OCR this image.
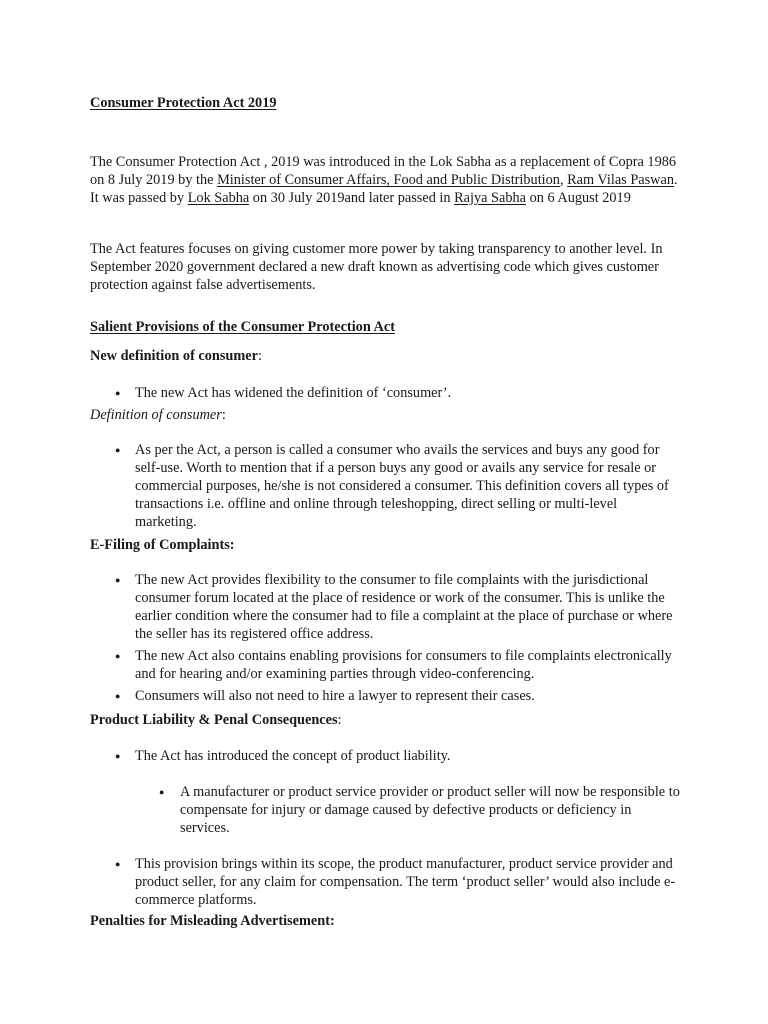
Consumer Protection Act 2019

The Consumer Protection Act , 2019 was introduced in the Lok Sabha as a replacement of Copra 1986 on 8 July 2019 by the Minister of Consumer Affairs, Food and Public Distribution, Ram Vilas Paswan. It was passed by Lok Sabha on 30 July 2019and later passed in Rajya Sabha on 6 August 2019

The Act features focuses on giving customer more power by taking transparency to another level. In September 2020 government declared a new draft known as advertising code which gives customer protection against false advertisements.

Salient Provisions of the Consumer Protection Act

New definition of consumer:

● The new Act has widened the definition of ‘consumer’.

Definition of consumer:

● As per the Act, a person is called a consumer who avails the services and buys any good for self-use. Worth to mention that if a person buys any good or avails any service for resale or commercial purposes, he/she is not considered a consumer. This definition covers all types of transactions i.e. offline and online through teleshopping, direct selling or multi-level marketing.

E-Filing of Complaints:

● The new Act provides flexibility to the consumer to file complaints with the jurisdictional consumer forum located at the place of residence or work of the consumer. This is unlike the earlier condition where the consumer had to file a complaint at the place of purchase or where the seller has its registered office address.
● The new Act also contains enabling provisions for consumers to file complaints electronically and for hearing and/or examining parties through video-conferencing.
● Consumers will also not need to hire a lawyer to represent their cases.

Product Liability & Penal Consequences:

● The Act has introduced the concept of product liability.
● A manufacturer or product service provider or product seller will now be responsible to compensate for injury or damage caused by defective products or deficiency in services.
● This provision brings within its scope, the product manufacturer, product service provider and product seller, for any claim for compensation. The term ‘product seller’ would also include e-commerce platforms.

Penalties for Misleading Advertisement:
